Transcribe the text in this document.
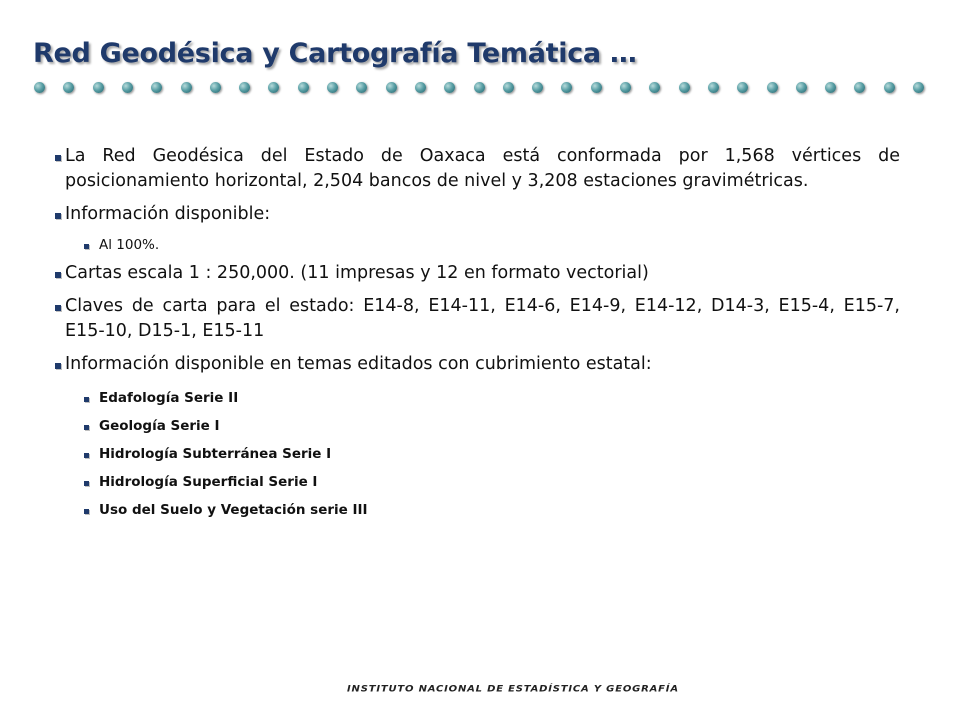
Red Geodésica y Cartografía Temática …
La Red Geodésica del Estado de Oaxaca está conformada por 1,568 vértices de posicionamiento horizontal, 2,504 bancos de nivel y 3,208 estaciones gravimétricas.
Información disponible:
Al 100%.
Cartas escala 1 : 250,000. (11 impresas y 12 en formato vectorial)
Claves de carta para el estado: E14-8, E14-11, E14-6, E14-9, E14-12, D14-3, E15-4, E15-7, E15-10, D15-1, E15-11
Información disponible en temas editados con cubrimiento estatal:
Edafología Serie II
Geología Serie I
Hidrología Subterránea Serie I
Hidrología Superficial Serie I
Uso del Suelo y Vegetación serie III
INSTITUTO NACIONAL DE ESTADÍSTICA Y GEOGRAFÍA
